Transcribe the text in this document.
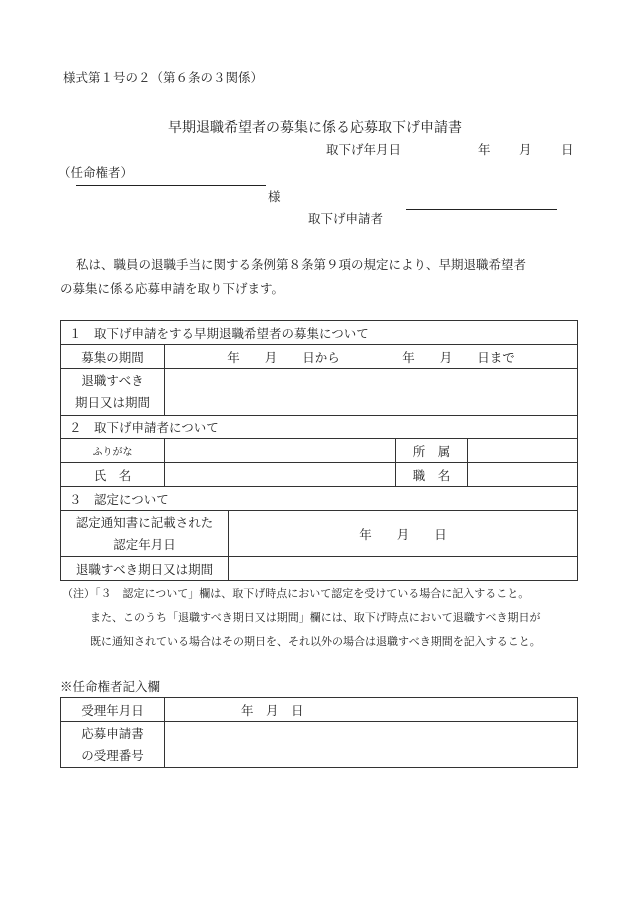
様式第１号の２（第６条の３関係）
早期退職希望者の募集に係る応募取下げ申請書
取下げ年月日	年 月 日
（任命権者）
様
取下げ申請者
私は、職員の退職手当に関する条例第８条第９項の規定により、早期退職希望者
の募集に係る応募申請を取り下げます。
１　取下げ申請をする早期退職希望者の募集について				
募集の期間	年　　月　　日から　　　　　年　　月　　日まで			

退職すべき
期日又は期間				

２　取下げ申請者について				
ふりがな			所　属	
氏　名			職　名	
３　認定について				

認定通知書に記載された
認定年月日		年　　月　　日		
退職すべき期日又は期間				
（注）「３　認定について」欄は、取下げ時点において認定を受けている場合に記入すること。
また、このうち「退職すべき期日又は期間」欄には、取下げ時点において退職すべき期日が
既に通知されている場合はその期日を、それ以外の場合は退職すべき期間を記入すること。
※任命権者記入欄
受理年月日	年　月　日

応募申請書
の受理番号	
